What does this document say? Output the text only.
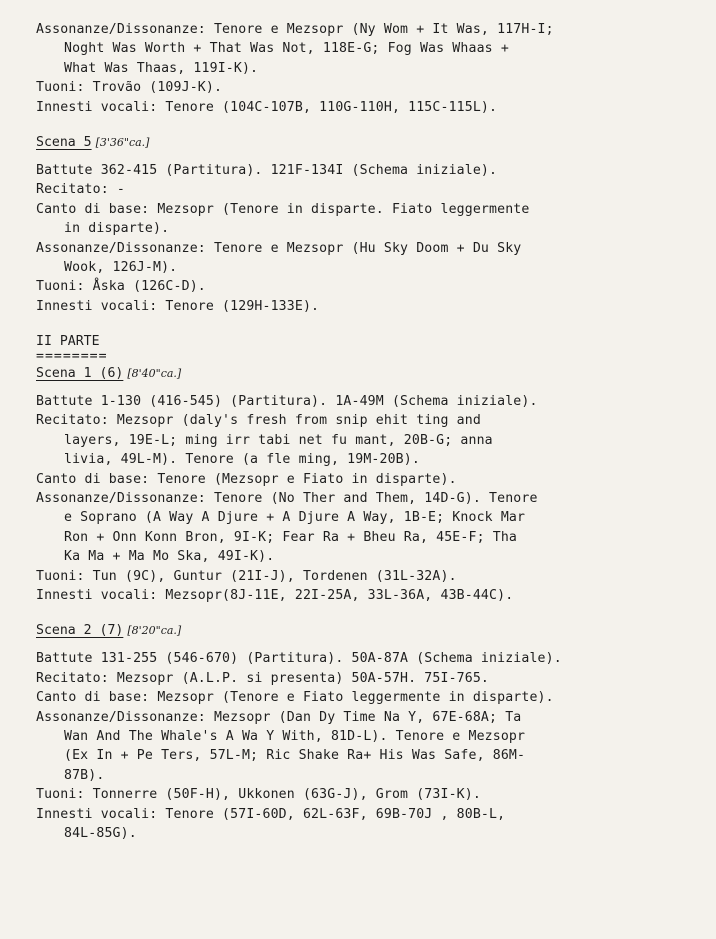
Assonanze/Dissonanze: Tenore e Mezsopr (Ny Wom + It Was, 117H-I;
Noght Was Worth + That Was Not, 118E-G; Fog Was Whaas +
What Was Thaas, 119I-K).
Tuoni: Trovão (109J-K).
Innesti vocali: Tenore (104C-107B, 110G-110H, 115C-115L).
Scena 5 [3'36"ca.]
Battute 362-415 (Partitura). 121F-134I (Schema iniziale).
Recitato: -
Canto di base: Mezsopr (Tenore in disparte. Fiato leggermente
in disparte).
Assonanze/Dissonanze: Tenore e Mezsopr (Hu Sky Doom + Du Sky
Wook, 126J-M).
Tuoni: Åska (126C-D).
Innesti vocali: Tenore (129H-133E).
II PARTE
========
Scena 1 (6) [8'40"ca.]
Battute 1-130 (416-545) (Partitura). 1A-49M (Schema iniziale).
Recitato: Mezsopr (daly's fresh from snip ehit ting and
layers, 19E-L; ming irr tabi net fu mant, 20B-G; anna
livia, 49L-M). Tenore (a fle ming, 19M-20B).
Canto di base: Tenore (Mezsopr e Fiato in disparte).
Assonanze/Dissonanze: Tenore (No Ther and Them, 14D-G). Tenore
e Soprano (A Way A Djure + A Djure A Way, 1B-E; Knock Mar
Ron + Onn Konn Bron, 9I-K; Fear Ra + Bheu Ra, 45E-F; Tha
Ka Ma + Ma Mo Ska, 49I-K).
Tuoni: Tun (9C), Guntur (21I-J), Tordenen (31L-32A).
Innesti vocali: Mezsopr(8J-11E, 22I-25A, 33L-36A, 43B-44C).
Scena 2 (7) [8'20"ca.]
Battute 131-255 (546-670) (Partitura). 50A-87A (Schema iniziale).
Recitato: Mezsopr (A.L.P. si presenta) 50A-57H. 75I-765.
Canto di base: Mezsopr (Tenore e Fiato leggermente in disparte).
Assonanze/Dissonanze: Mezsopr (Dan Dy Time Na Y, 67E-68A; Ta
Wan And The Whale's A Wa Y With, 81D-L). Tenore e Mezsopr
(Ex In + Pe Ters, 57L-M; Ric Shake Ra+ His Was Safe, 86M-
87B).
Tuoni: Tonnerre (50F-H), Ukkonen (63G-J), Grom (73I-K).
Innesti vocali: Tenore (57I-60D, 62L-63F, 69B-70J , 80B-L,
84L-85G).
